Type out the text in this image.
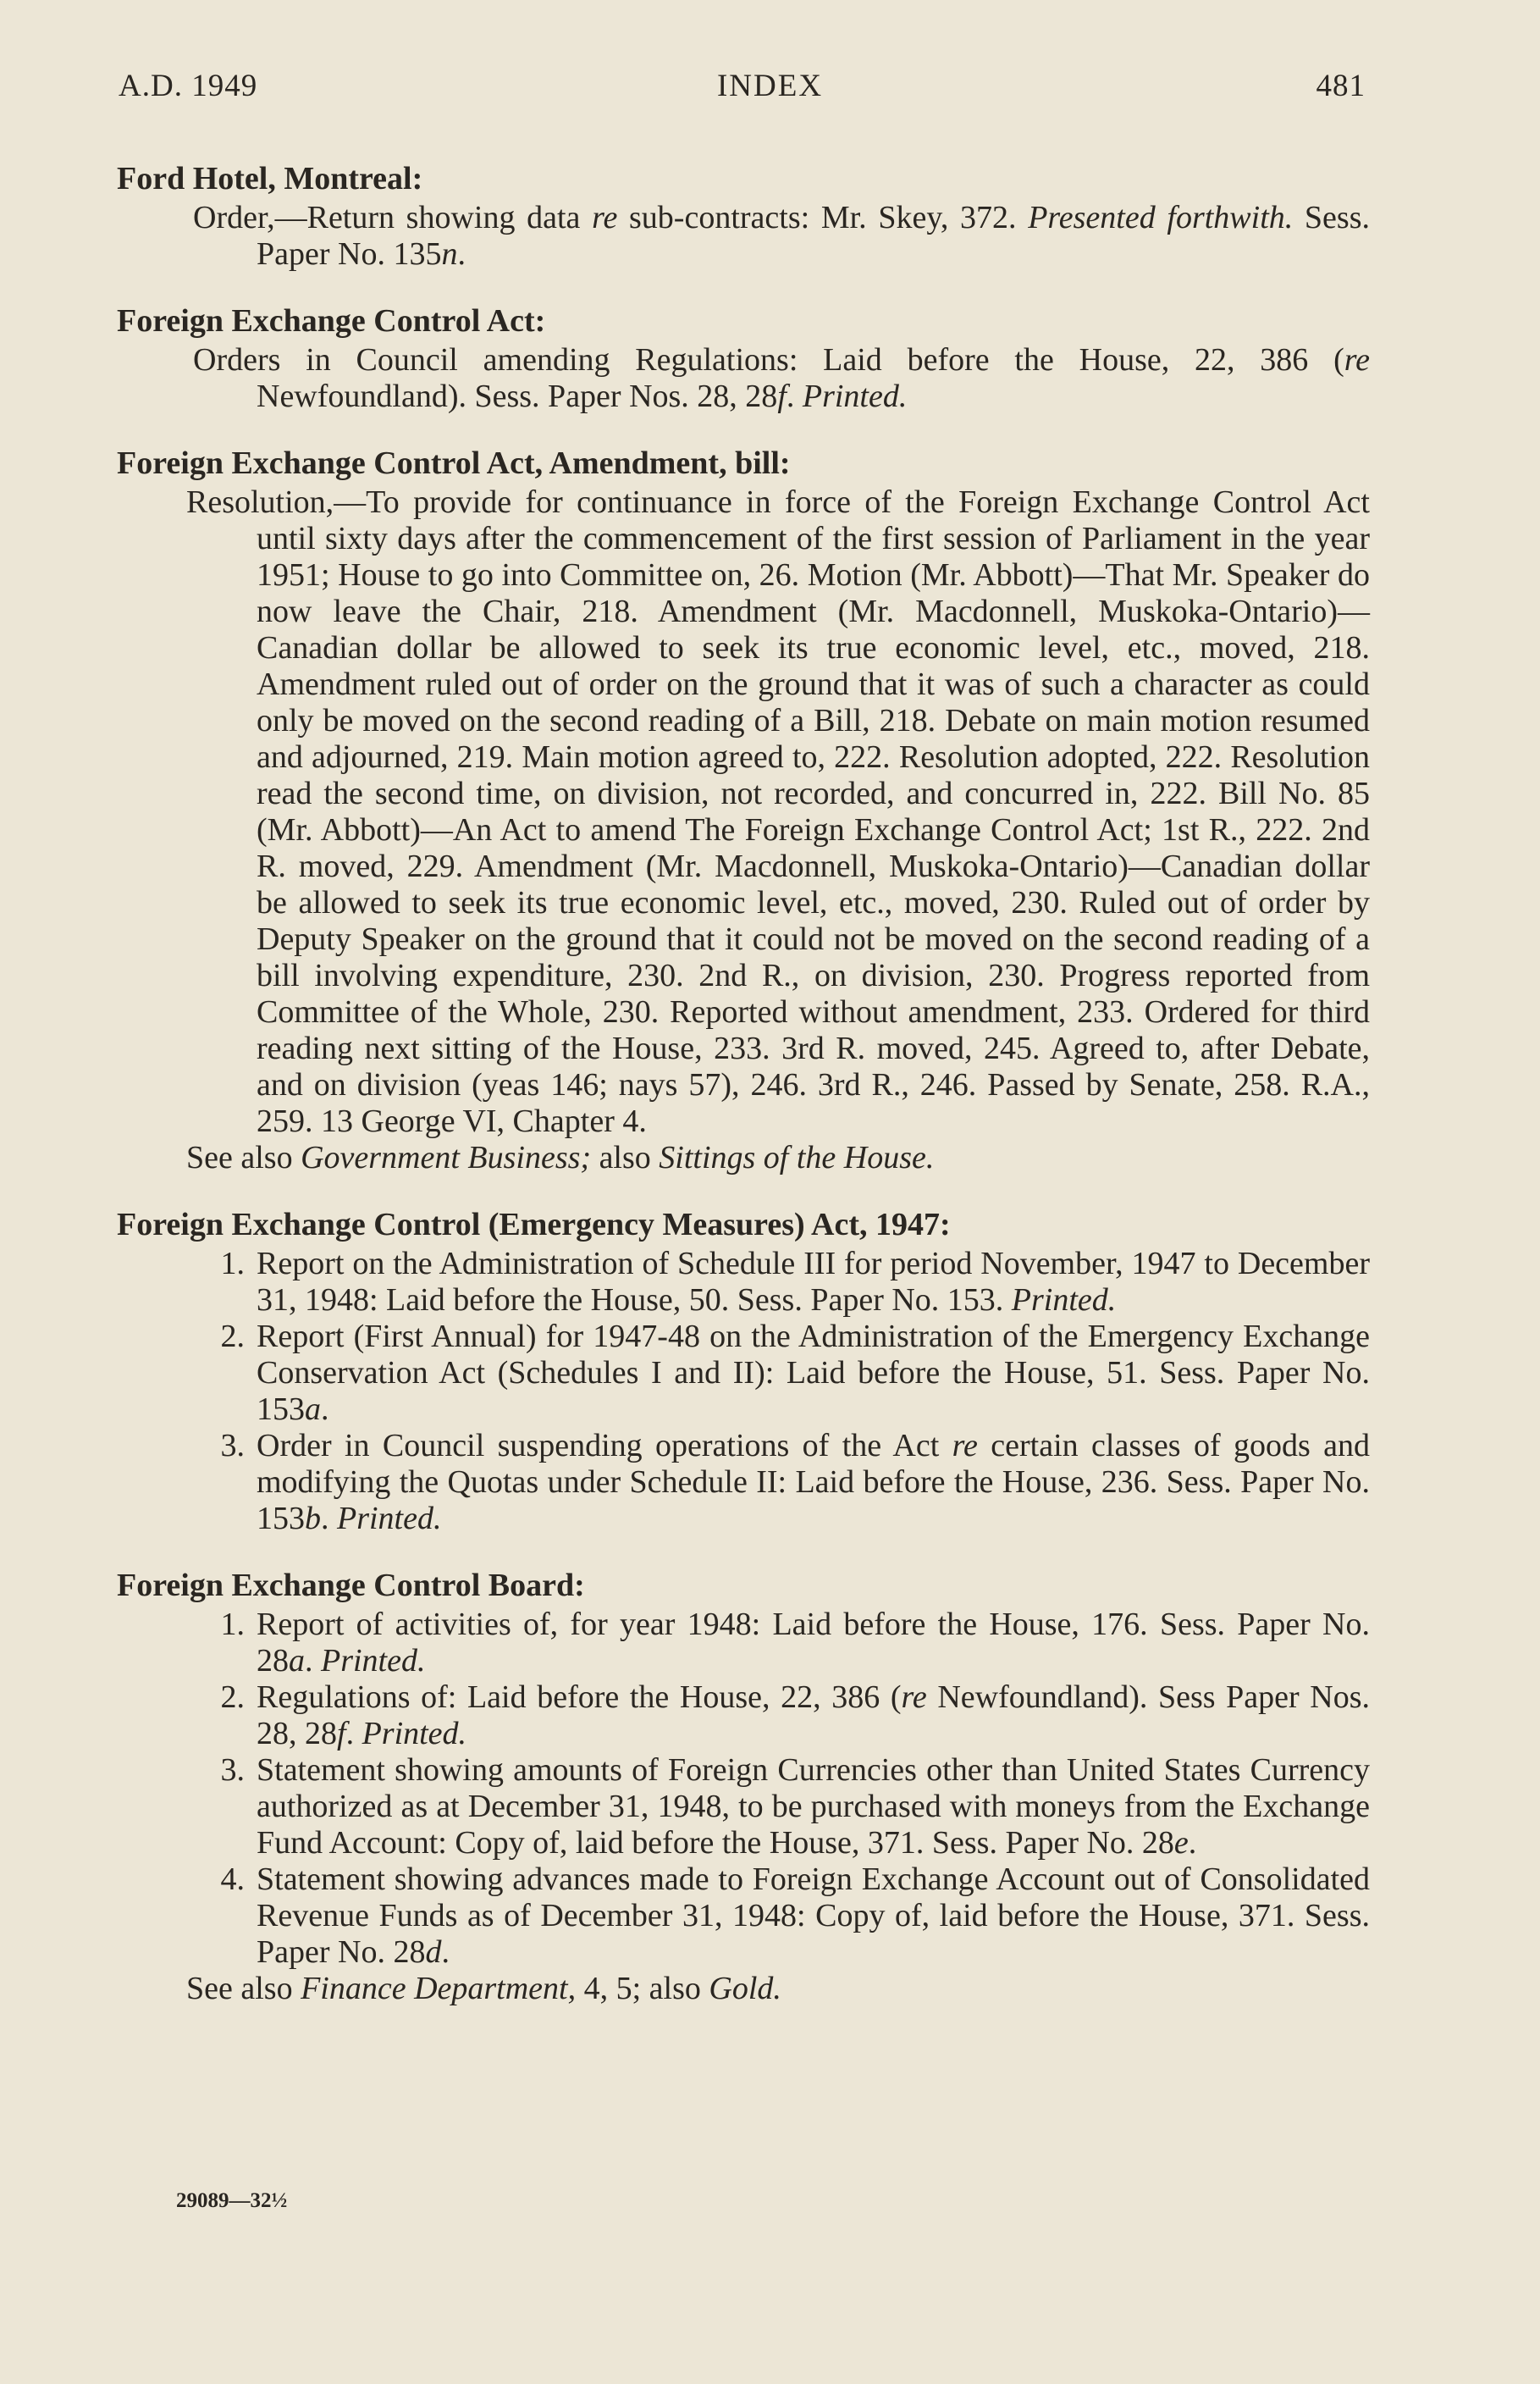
A.D. 1949	INDEX	481
Ford Hotel, Montreal:
Order,—Return showing data re sub-contracts: Mr. Skey, 372. Presented forthwith. Sess. Paper No. 135n.
Foreign Exchange Control Act:
Orders in Council amending Regulations: Laid before the House, 22, 386 (re Newfoundland). Sess. Paper Nos. 28, 28f. Printed.
Foreign Exchange Control Act, Amendment, bill:
Resolution,—To provide for continuance in force of the Foreign Exchange Control Act until sixty days after the commencement of the first session of Parliament in the year 1951; House to go into Committee on, 26. Motion (Mr. Abbott)—That Mr. Speaker do now leave the Chair, 218. Amendment (Mr. Macdonnell, Muskoka-Ontario)—Canadian dollar be allowed to seek its true economic level, etc., moved, 218. Amendment ruled out of order on the ground that it was of such a character as could only be moved on the second reading of a Bill, 218. Debate on main motion resumed and adjourned, 219. Main motion agreed to, 222. Resolution adopted, 222. Resolution read the second time, on division, not recorded, and concurred in, 222. Bill No. 85 (Mr. Abbott)—An Act to amend The Foreign Exchange Control Act; 1st R., 222. 2nd R. moved, 229. Amendment (Mr. Macdonnell, Muskoka-Ontario)—Canadian dollar be allowed to seek its true economic level, etc., moved, 230. Ruled out of order by Deputy Speaker on the ground that it could not be moved on the second reading of a bill involving expenditure, 230. 2nd R., on division, 230. Progress reported from Committee of the Whole, 230. Reported without amendment, 233. Ordered for third reading next sitting of the House, 233. 3rd R. moved, 245. Agreed to, after Debate, and on division (yeas 146; nays 57), 246. 3rd R., 246. Passed by Senate, 258. R.A., 259. 13 George VI, Chapter 4.
See also Government Business; also Sittings of the House.
Foreign Exchange Control (Emergency Measures) Act, 1947:
1. Report on the Administration of Schedule III for period November, 1947 to December 31, 1948: Laid before the House, 50. Sess. Paper No. 153. Printed.
2. Report (First Annual) for 1947-48 on the Administration of the Emergency Exchange Conservation Act (Schedules I and II): Laid before the House, 51. Sess. Paper No. 153a.
3. Order in Council suspending operations of the Act re certain classes of goods and modifying the Quotas under Schedule II: Laid before the House, 236. Sess. Paper No. 153b. Printed.
Foreign Exchange Control Board:
1. Report of activities of, for year 1948: Laid before the House, 176. Sess. Paper No. 28a. Printed.
2. Regulations of: Laid before the House, 22, 386 (re Newfoundland). Sess Paper Nos. 28, 28f. Printed.
3. Statement showing amounts of Foreign Currencies other than United States Currency authorized as at December 31, 1948, to be purchased with moneys from the Exchange Fund Account: Copy of, laid before the House, 371. Sess. Paper No. 28e.
4. Statement showing advances made to Foreign Exchange Account out of Consolidated Revenue Funds as of December 31, 1948: Copy of, laid before the House, 371. Sess. Paper No. 28d.
See also Finance Department, 4, 5; also Gold.
29089—32½
